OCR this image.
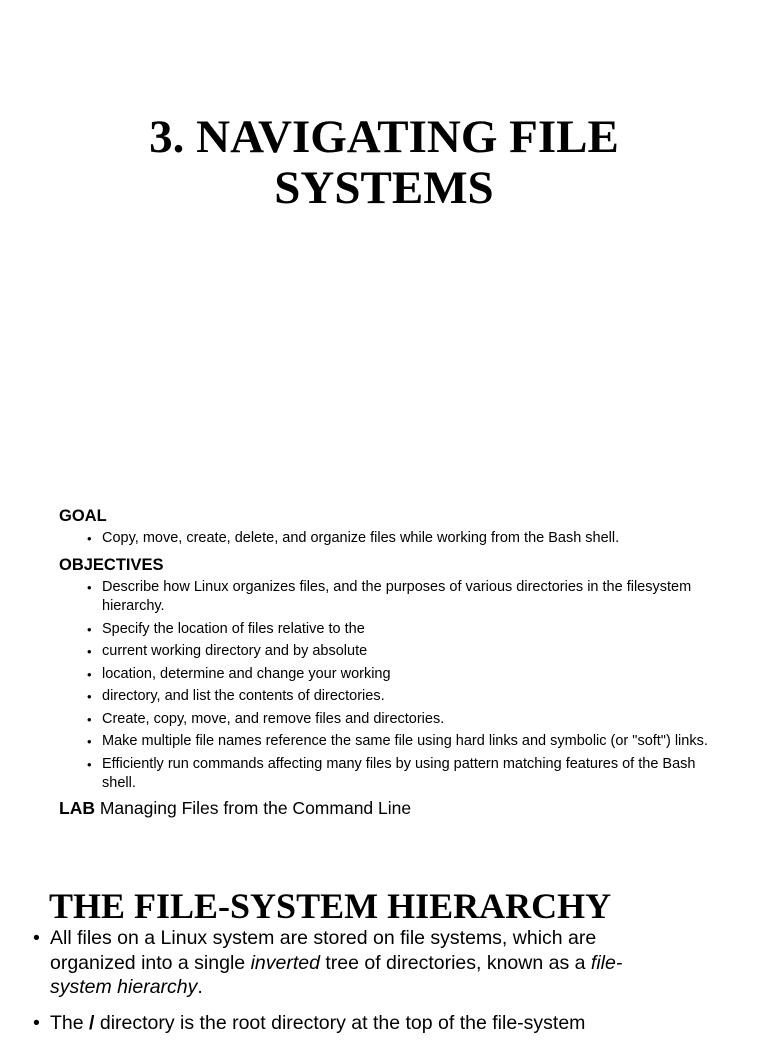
3. NAVIGATING FILE
SYSTEMS

GOAL

• Copy, move, create, delete, and organize files while working from the Bash shell.

OBJECTIVES

• Describe how Linux organizes files, and the purposes of various directories in the filesystem hierarchy.
• Specify the location of files relative to the
• current working directory and by absolute
• location, determine and change your working
• directory, and list the contents of directories.
• Create, copy, move, and remove files and directories.
• Make multiple file names reference the same file using hard links and symbolic (or "soft") links.
• Efficiently run commands affecting many files by using pattern matching features of the Bash shell.
LAB Managing Files from the Command Line
THE FILE-SYSTEM HIERARCHY
• All files on a Linux system are stored on file systems, which are organized into a single inverted tree of directories, known as a file-system hierarchy.
• The / directory is the root directory at the top of the file-system
